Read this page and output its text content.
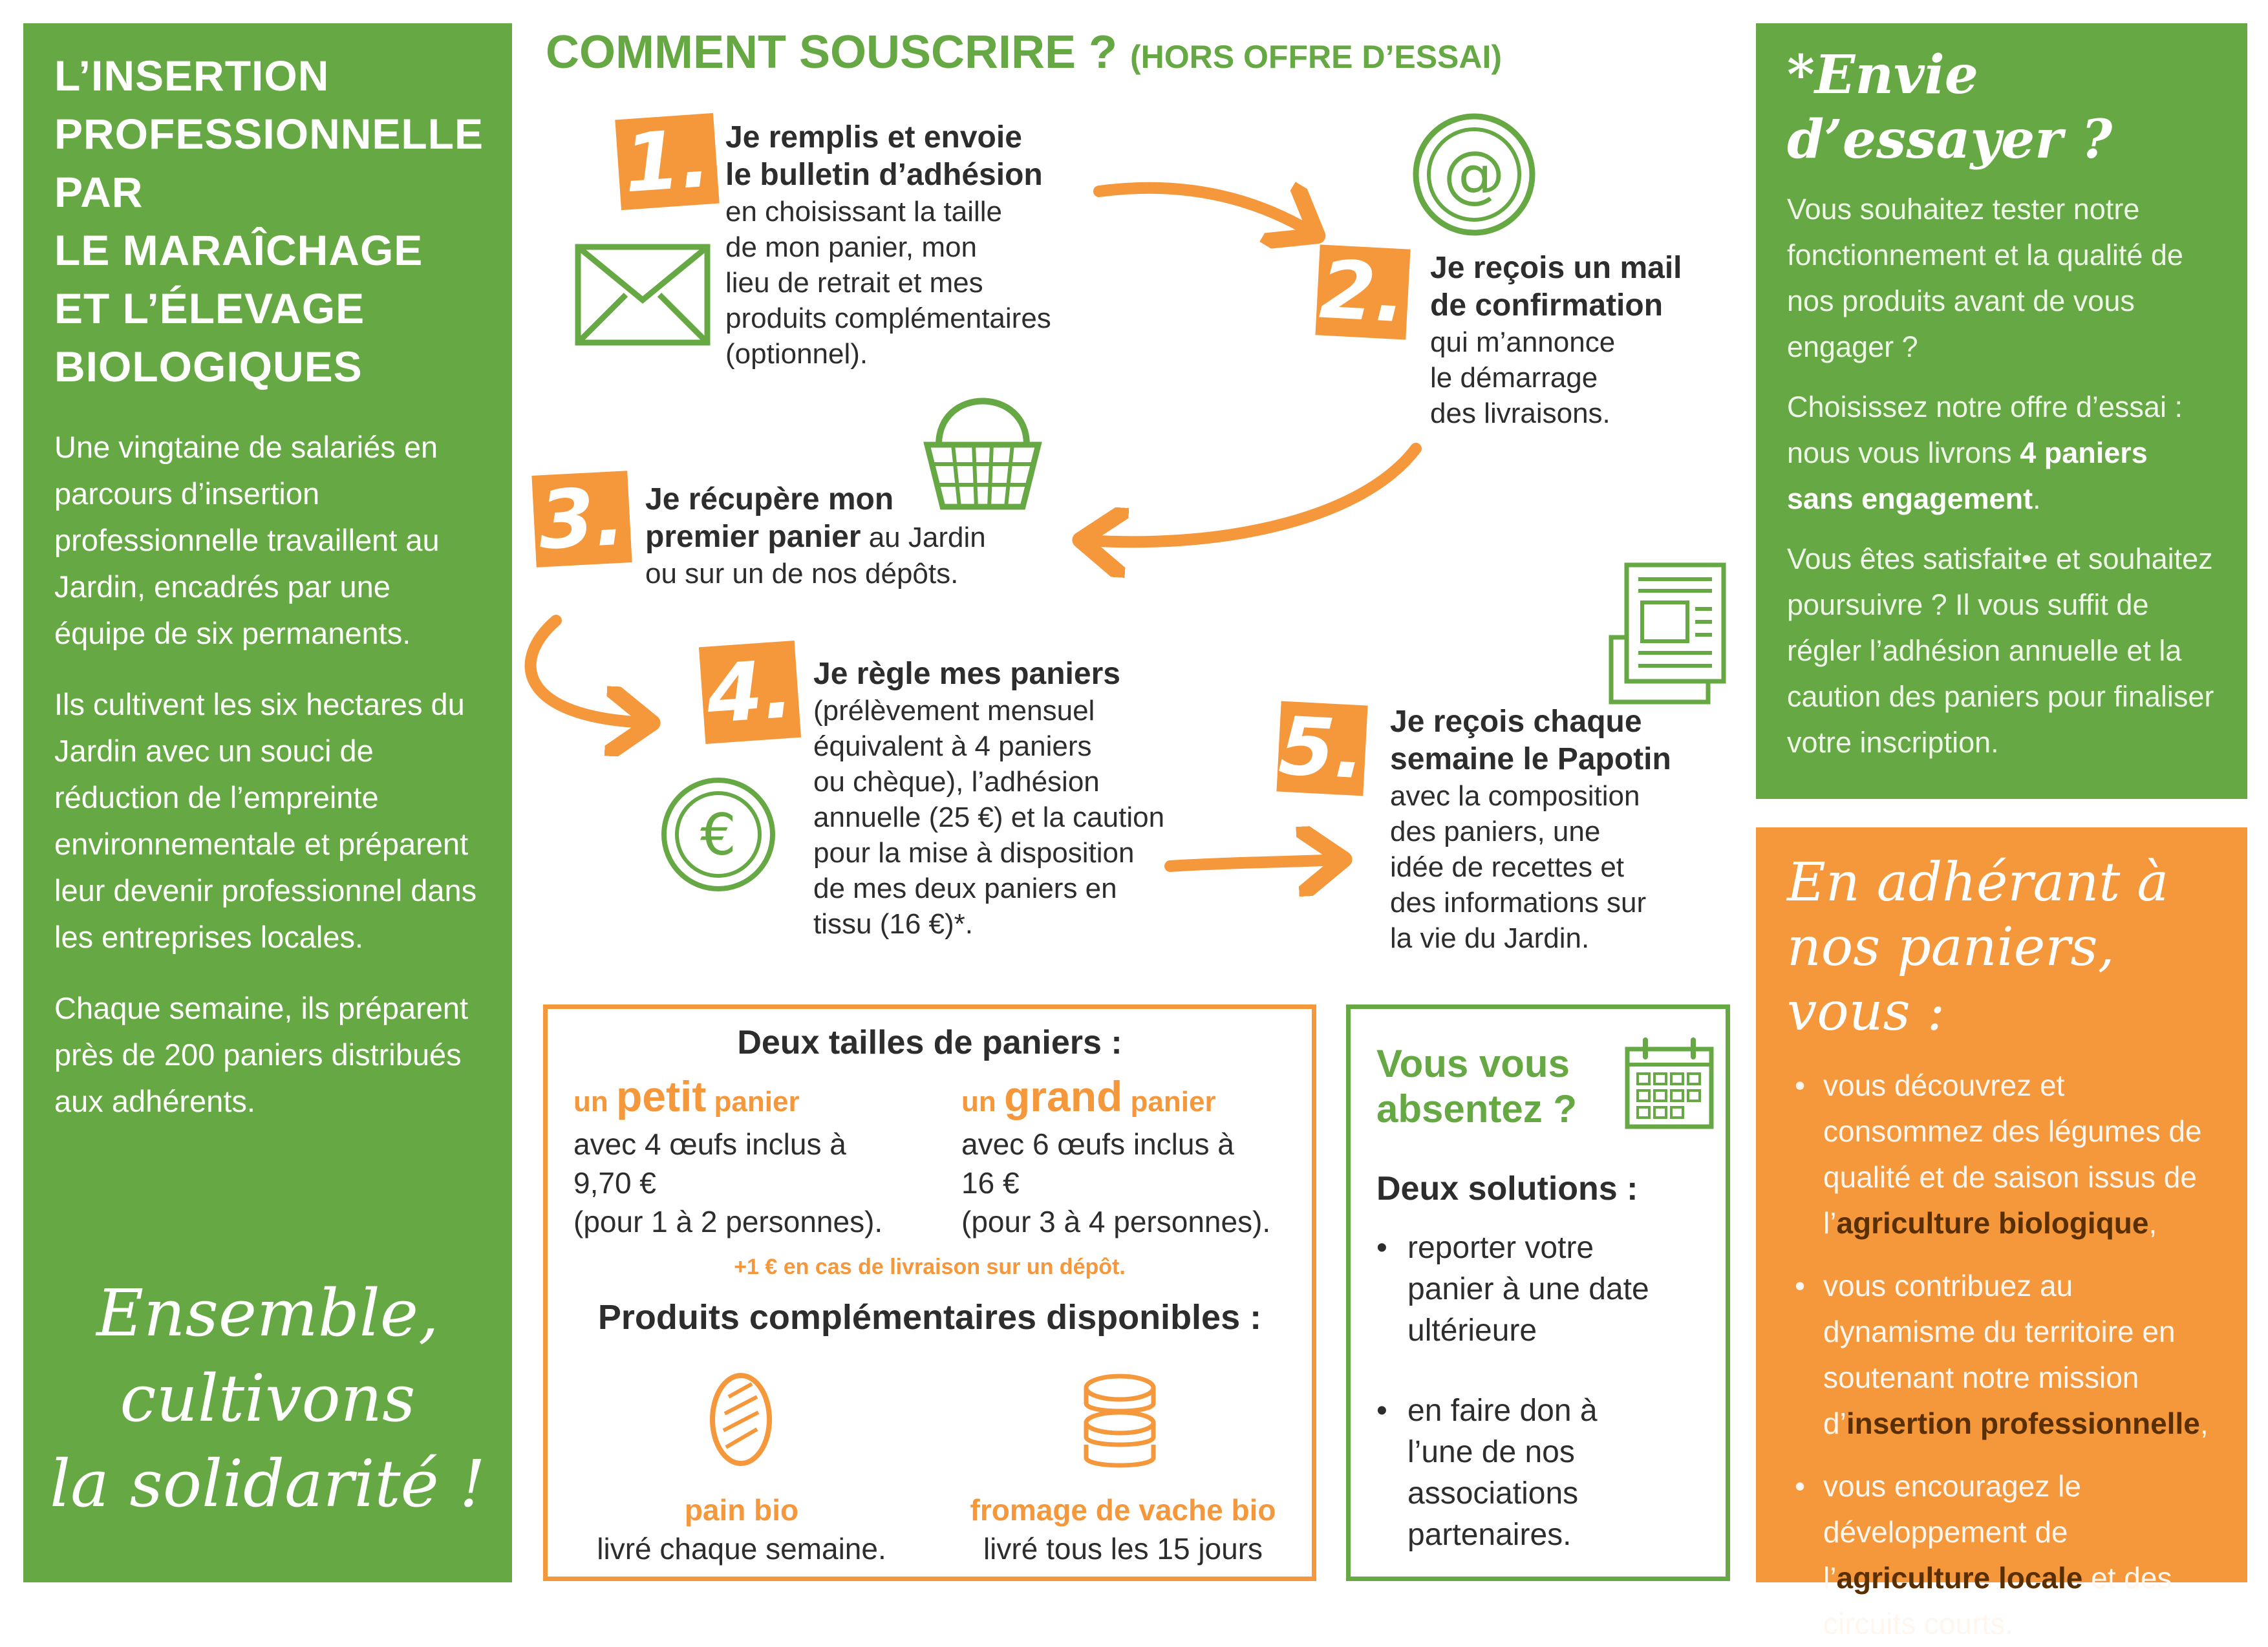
L’INSERTION
PROFESSIONNELLE
PAR
LE MARAÎCHAGE
ET L’ÉLEVAGE
BIOLOGIQUES

Une vingtaine de salariés en parcours d’insertion professionnelle travaillent au Jardin, encadrés par une équipe de six permanents.

Ils cultivent les six hectares du Jardin avec un souci de réduction de l’empreinte environnementale et préparent leur devenir professionnel dans les entreprises locales.

Chaque semaine, ils préparent près de 200 paniers distribués aux adhérents.

Ensemble,
cultivons
la solidarité !
COMMENT SOUSCRIRE ? (HORS OFFRE D’ESSAI)
1. Je remplis et envoie
le bulletin d’adhésion
en choisissant la taille
de mon panier, mon
lieu de retrait et mes
produits complémentaires
(optionnel).
@
2. Je reçois un mail
de confirmation
qui m’annonce
le démarrage
des livraisons.
3. Je récupère mon
premier panier au Jardin
ou sur un de nos dépôts.
4. Je règle mes paniers
(prélèvement mensuel
équivalent à 4 paniers
ou chèque), l’adhésion
annuelle (25 €) et la caution
pour la mise à disposition
de mes deux paniers en
tissu (16 €)*.
€
5. Je reçois chaque
semaine le Papotin
avec la composition
des paniers, une
idée de recettes et
des informations sur
la vie du Jardin.
Deux tailles de paniers :
un petit panier
avec 4 œufs inclus à
9,70 €
(pour 1 à 2 personnes).
un grand panier
avec 6 œufs inclus à
16 €
(pour 3 à 4 personnes).
+1 € en cas de livraison sur un dépôt.
Produits complémentaires disponibles :
pain bio
livré chaque semaine.
fromage de vache bio
livré tous les 15 jours
Vous vous
absentez ?
Deux solutions :
• reporter votre
panier à une date
ultérieure
• en faire don à
l’une de nos
associations
partenaires.
*Envie d’essayer ?

Vous souhaitez tester notre fonctionnement et la qualité de nos produits avant de vous engager ?

Choisissez notre offre d’essai : nous vous livrons 4 paniers sans engagement.

Vous êtes satisfait•e et souhaitez poursuivre ? Il vous suffit de régler l’adhésion annuelle et la caution des paniers pour finaliser votre inscription.

En adhérant à
nos paniers, vous :
• vous découvrez et consommez des légumes de qualité et de saison issus de l’agriculture biologique,
• vous contribuez au dynamisme du territoire en soutenant notre mission d’insertion professionnelle,
• vous encouragez le développement de l’agriculture locale et des circuits courts.
